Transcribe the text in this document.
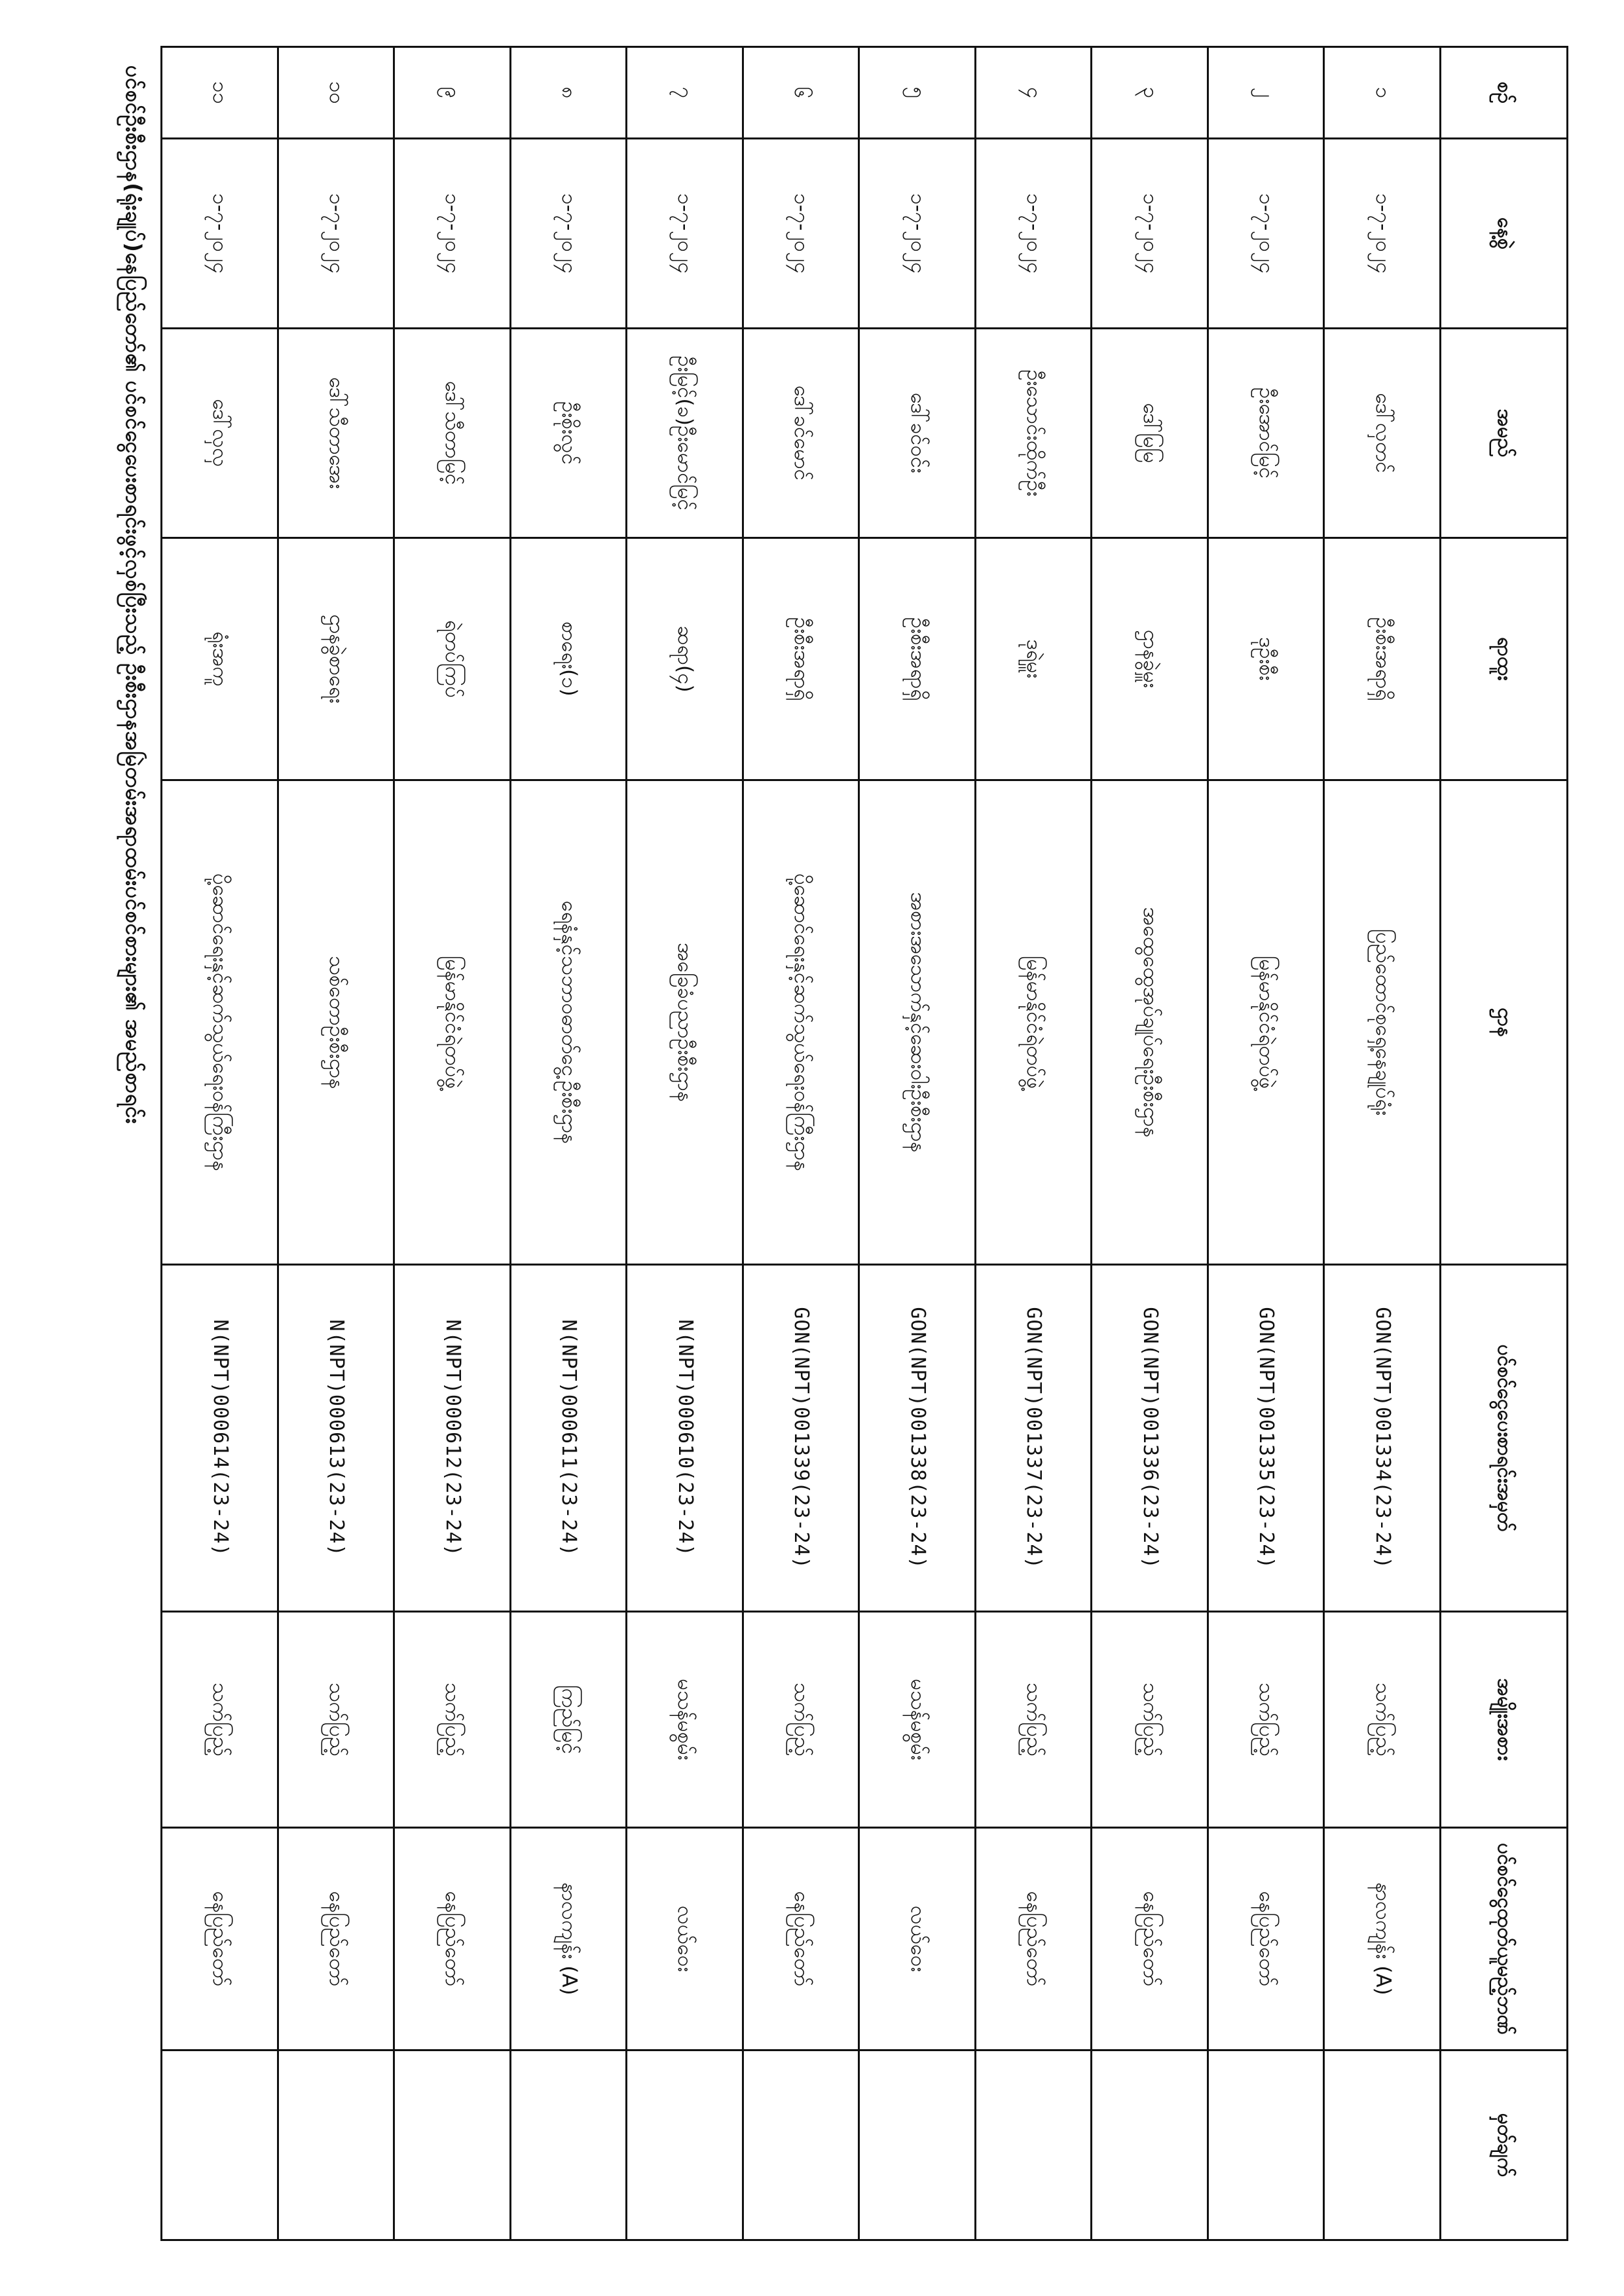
ပင်စင်ဦးစီးဌာန(ရုံးချုပ်)နေပြည်တော်၏ ပင်စင်ငွေပေးစာရင်းဖွင့်လှစ်ပြီးသည့် ဦးစီးဌာနအမြဲတမ်းအရာထမ်းပင်စင်စားများ၏ အမည်စာရင်း	စဉ်	နေ့စွဲ	အမည်	ရာထူး	ဌာန	ပင်စင်ငွေပေးစာရင်းအမှတ်	အမျိုးအစား	ပင်စင်ငွေထုတ်ယူမည့်ဘဏ်	မှတ်ချက်
၁	၁-၇-၂၀၂၄	ဒေါ်လှတင်	ဦးစီးအရာရှိ	ပြည်ထောင်စုရှေ့နေချုပ်ရုံး	GON(NPT)001334(23-24)	သက်ပြည့်	နာလကျန်း (A)	
၂	၁-၇-၂၀၂၄	ဦးအောင်မြင့်	ဒုဦးစီး	မြန်မာနိုင်ငံရဲတပ်ဖွဲ့	GON(NPT)001335(23-24)	သက်ပြည့်	နေပြည်တော်	
၃	၁-၇-၂၀၂၄	ဒေါ်မြမြ	ဌာနခွဲမှူး	အထွေထွေအုပ်ချုပ်ရေးဦးစီးဌာန	GON(NPT)001336(23-24)	သက်ပြည့်	နေပြည်တော်	
၄	၁-၇-၂၀၂၄	ဦးသောင်းထိုက်ဦး	ဒုရဲမှူး	မြန်မာနိုင်ငံရဲတပ်ဖွဲ့	GON(NPT)001337(23-24)	သက်ပြည့်	နေပြည်တော်	
၅	၁-၇-၂၀၂၄	ဒေါ်ခင်ဝင်း	ဦးစီးအရာရှိ	အစားအသောက်နှင့်ဆေးဝါးဦးစီးဌာန	GON(NPT)001338(23-24)	မသန်မစွမ်း	လယ်ဝေး	
၆	၁-၇-၂၀၂၄	ဒေါ်ခင်မောင်	ဦးစီးအရာရှိ	ပို့ဆောင်ရေးနှင့်ဆက်သွယ်ရေးဝန်ကြီးဌာန	GON(NPT)001339(23-24)	သက်ပြည့်	နေပြည်တော်	
၇	၁-၇-၂၀၂၄	ဦးမြင့်(ခ)ဦးမောင်မြင့်	ဆရာ(၄)	အခြေခံပညာဦးစီးဌာန	N(NPT)000610(23-24)	မသန်မစွမ်း	လယ်ဝေး	
၈	၁-၇-၂၀၂၄	ဦးစိုးလွင်	စာရေး(၁)	ရေနံနှင့်သဘာဝဓာတ်ငွေ့ဦးစီးဌာန	N(NPT)000611(23-24)	ကြည်မြင့်	နာလကျန်း (A)	
၉	၁-၇-၂၀၂၄	ဒေါ်သီတာမြင့်	ရဲတပ်ကြပ်	မြန်မာနိုင်ငံရဲတပ်ဖွဲ့	N(NPT)000612(23-24)	သက်ပြည့်	နေပြည်တော်	
၁၀	၁-၇-၂၀၂၄	ဒေါ်သီတာအေး	ဌာနခွဲစာရေး	သစ်တောဦးစီးဌာန	N(NPT)000613(23-24)	သက်ပြည့်	နေပြည်တော်	
၁၁	၁-၇-၂၀၂၄	ဒေါ်လှလှ	ရုံးအကူ	ပို့ဆောင်ရေးနှင့်ဆက်သွယ်ရေးဝန်ကြီးဌာန	N(NPT)000614(23-24)	သက်ပြည့်	နေပြည်တော်	
